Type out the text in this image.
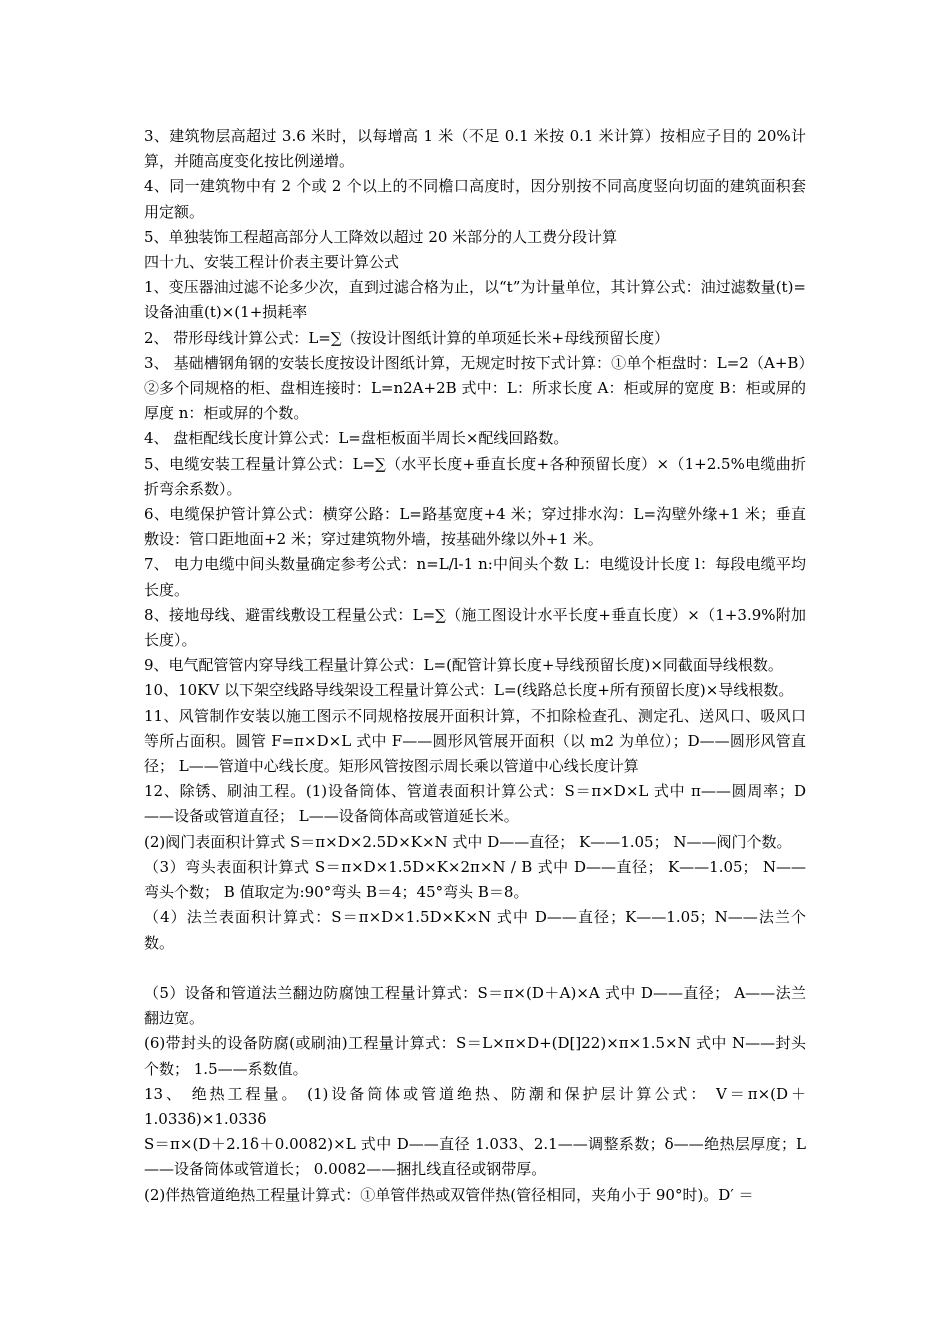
3、建筑物层高超过 3.6 米时，以每增高 1 米（不足 0.1 米按 0.1 米计算）按相应子目的 20%计算，并随高度变化按比例递增。

4、同一建筑物中有 2 个或 2 个以上的不同檐口高度时，因分别按不同高度竖向切面的建筑面积套用定额。

5、单独装饰工程超高部分人工降效以超过 20 米部分的人工费分段计算

四十九、安装工程计价表主要计算公式

1、变压器油过滤不论多少次，直到过滤合格为止，以“t”为计量单位，其计算公式：油过滤数量(t)=设备油重(t)×(1+损耗率

2、 带形母线计算公式：L=∑（按设计图纸计算的单项延长米+母线预留长度）

3、 基础槽钢角钢的安装长度按设计图纸计算，无规定时按下式计算：①单个柜盘时：L=2（A+B）②多个同规格的柜、盘相连接时：L=n2A+2B 式中：L：所求长度 A：柜或屏的宽度 B：柜或屏的厚度 n：柜或屏的个数。

4、 盘柜配线长度计算公式：L=盘柜板面半周长×配线回路数。

5、电缆安装工程量计算公式：L=∑（水平长度+垂直长度+各种预留长度）×（1+2.5%电缆曲折折弯余系数）。

6、电缆保护管计算公式：横穿公路：L=路基宽度+4 米；穿过排水沟：L=沟壁外缘+1 米；垂直敷设：管口距地面+2 米；穿过建筑物外墙，按基础外缘以外+1 米。

7、 电力电缆中间头数量确定参考公式：n=L/l-1 n:中间头个数 L：电缆设计长度 l：每段电缆平均长度。

8、接地母线、避雷线敷设工程量公式：L=∑（施工图设计水平长度+垂直长度）×（1+3.9%附加长度）。

9、电气配管管内穿导线工程量计算公式：L=(配管计算长度+导线预留长度)×同截面导线根数。

10、10KV 以下架空线路导线架设工程量计算公式：L=(线路总长度+所有预留长度)×导线根数。

11、风管制作安装以施工图示不同规格按展开面积计算，不扣除检查孔、测定孔、送风口、吸风口等所占面积。圆管 F=π×D×L 式中 F——圆形风管展开面积（以 m2 为单位）；D——圆形风管直径； L——管道中心线长度。矩形风管按图示周长乘以管道中心线长度计算

12、除锈、刷油工程。(1)设备筒体、管道表面积计算公式：S＝π×D×L 式中 π——圆周率；D——设备或管道直径； L——设备筒体高或管道延长米。

(2)阀门表面积计算式 S＝π×D×2.5D×K×N 式中 D——直径； K——1.05； N——阀门个数。

（3）弯头表面积计算式 S＝π×D×1.5D×K×2π×N / B 式中 D——直径； K——1.05； N——弯头个数； B 值取定为:90°弯头 B＝4；45°弯头 B＝8。

（4）法兰表面积计算式：S＝π×D×1.5D×K×N 式中 D——直径；K——1.05；N——法兰个数。

（5）设备和管道法兰翻边防腐蚀工程量计算式：S＝π×(D＋A)×A 式中 D——直径； A——法兰翻边宽。

(6)带封头的设备防腐(或刷油)工程量计算式：S＝L×π×D+(D[]22)×π×1.5×N 式中 N——封头个数； 1.5——系数值。

13、 绝热工程量。 (1)设备筒体或管道绝热、防潮和保护层计算公式： V＝π×(D＋1.033δ)×1.033δ

S＝π×(D＋2.1δ＋0.0082)×L 式中 D——直径 1.033、2.1——调整系数；δ——绝热层厚度；L——设备筒体或管道长； 0.0082——捆扎线直径或钢带厚。

(2)伴热管道绝热工程量计算式：①单管伴热或双管伴热(管径相同，夹角小于 90°时)。D′ ＝
